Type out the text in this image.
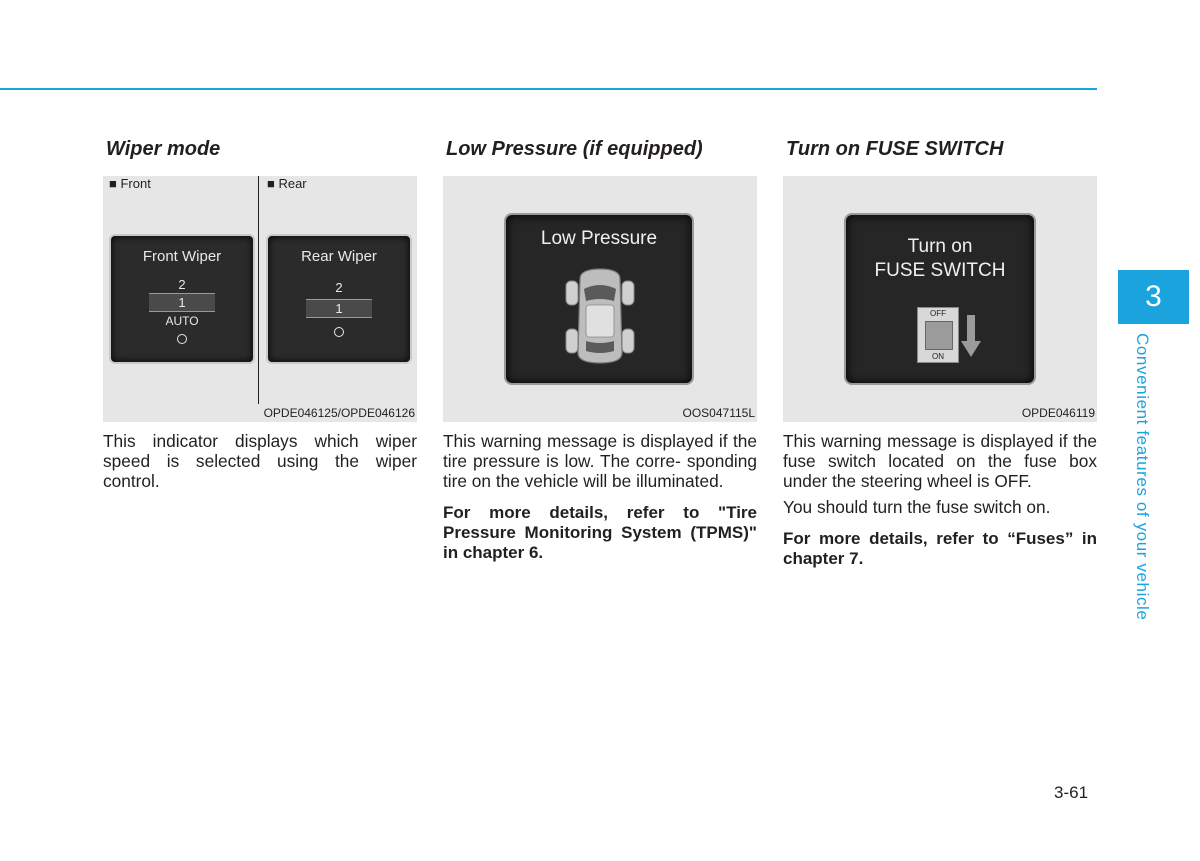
Wiper mode
■ Front	■ Rear
Front Wiper
2
1
AUTO
Rear Wiper
2
1
OPDE046125/OPDE046126

This indicator displays which wiper speed is selected using the wiper control.

Low Pressure (if equipped)
Low Pressure
OOS047115L

This warning message is displayed if the tire pressure is low. The corre- sponding tire on the vehicle will be illuminated.

For more details, refer to "Tire Pressure Monitoring System (TPMS)" in chapter 6.

Turn on FUSE SWITCH
Turn on
FUSE SWITCH
OFF
ON
OPDE046119

This warning message is displayed if the fuse switch located on the fuse box under the steering wheel is OFF.

You should turn the fuse switch on.

For more details, refer to “Fuses” in chapter 7.

3
Convenient features of your vehicle
3-61
